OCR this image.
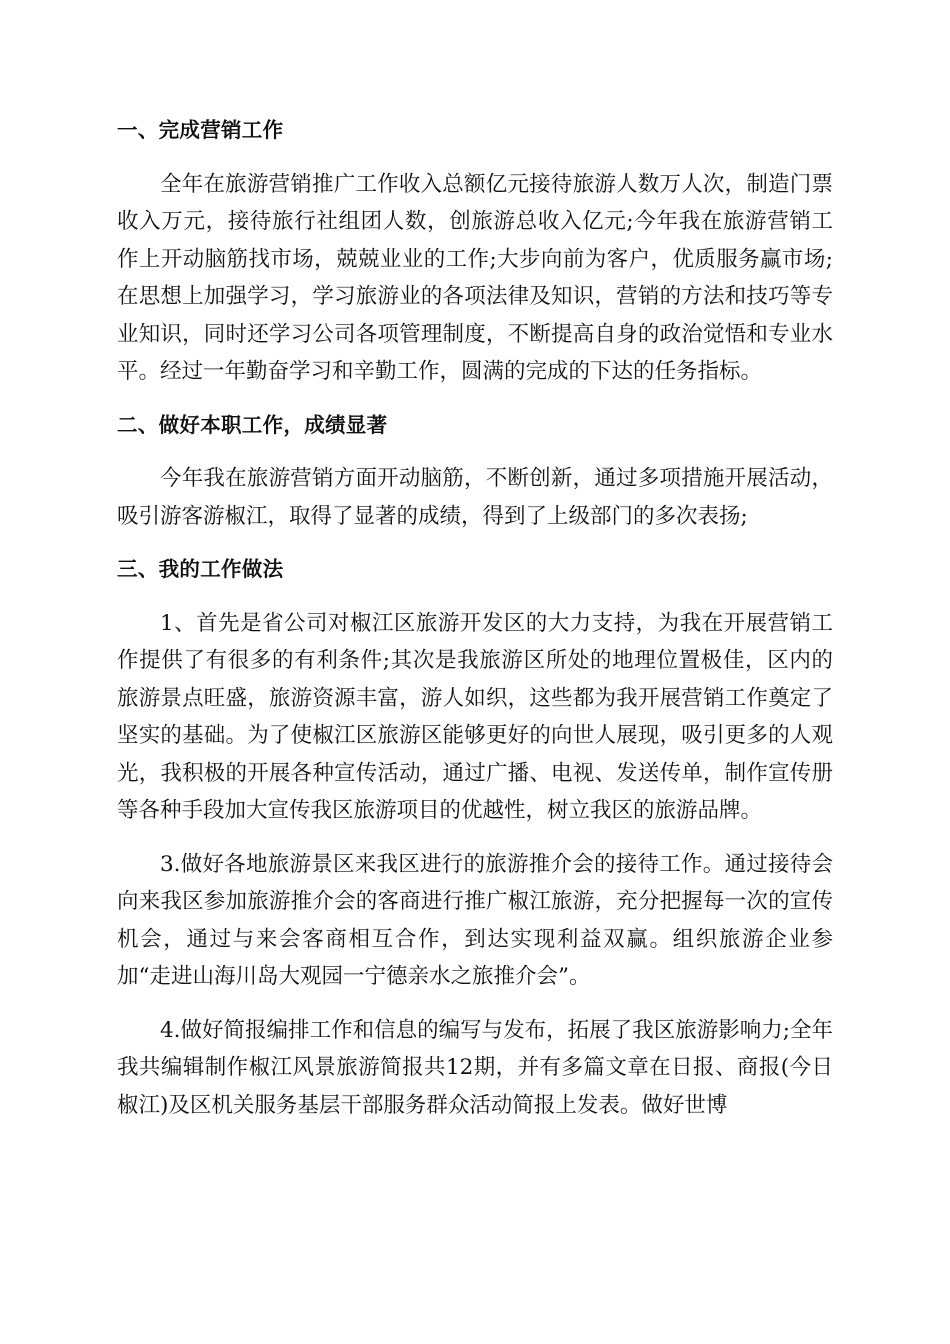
一、完成营销工作

全年在旅游营销推广工作收入总额亿元接待旅游人数万人次，制造门票收入万元，接待旅行社组团人数，创旅游总收入亿元;今年我在旅游营销工作上开动脑筋找市场，兢兢业业的工作;大步向前为客户，优质服务赢市场;在思想上加强学习，学习旅游业的各项法律及知识，营销的方法和技巧等专业知识，同时还学习公司各项管理制度，不断提高自身的政治觉悟和专业水平。经过一年勤奋学习和辛勤工作，圆满的完成的下达的任务指标。

二、做好本职工作，成绩显著

今年我在旅游营销方面开动脑筋，不断创新，通过多项措施开展活动，吸引游客游椒江，取得了显著的成绩，得到了上级部门的多次表扬;

三、我的工作做法

1、首先是省公司对椒江区旅游开发区的大力支持，为我在开展营销工作提供了有很多的有利条件;其次是我旅游区所处的地理位置极佳，区内的旅游景点旺盛，旅游资源丰富，游人如织，这些都为我开展营销工作奠定了坚实的基础。为了使椒江区旅游区能够更好的向世人展现，吸引更多的人观光，我积极的开展各种宣传活动，通过广播、电视、发送传单，制作宣传册等各种手段加大宣传我区旅游项目的优越性，树立我区的旅游品牌。

3.做好各地旅游景区来我区进行的旅游推介会的接待工作。通过接待会向来我区参加旅游推介会的客商进行推广椒江旅游，充分把握每一次的宣传机会，通过与来会客商相互合作，到达实现利益双赢。组织旅游企业参加“走进山海川岛大观园一宁德亲水之旅推介会”。

4.做好简报编排工作和信息的编写与发布，拓展了我区旅游影响力;全年我共编辑制作椒江风景旅游简报共12期，并有多篇文章在日报、商报(今日椒江)及区机关服务基层干部服务群众活动简报上发表。做好世博
